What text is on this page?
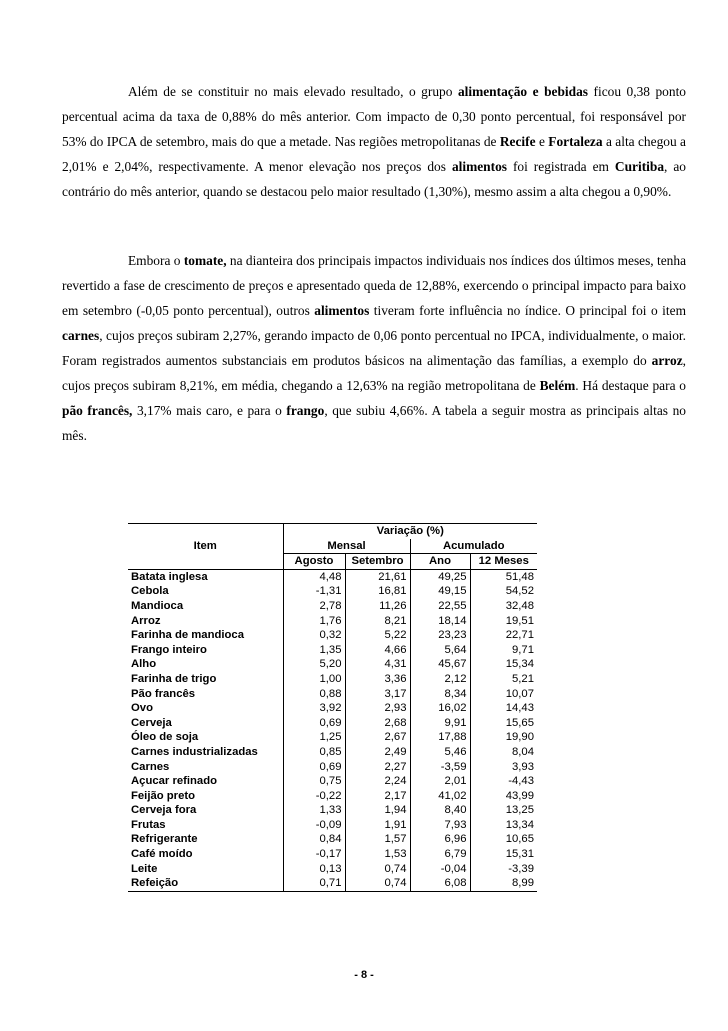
Além de se constituir no mais elevado resultado, o grupo alimentação e bebidas ficou 0,38 ponto percentual acima da taxa de 0,88% do mês anterior. Com impacto de 0,30 ponto percentual, foi responsável por 53% do IPCA de setembro, mais do que a metade. Nas regiões metropolitanas de Recife e Fortaleza a alta chegou a 2,01% e 2,04%, respectivamente. A menor elevação nos preços dos alimentos foi registrada em Curitiba, ao contrário do mês anterior, quando se destacou pelo maior resultado (1,30%), mesmo assim a alta chegou a 0,90%.

Embora o tomate, na dianteira dos principais impactos individuais nos índices dos últimos meses, tenha revertido a fase de crescimento de preços e apresentado queda de 12,88%, exercendo o principal impacto para baixo em setembro (-0,05 ponto percentual), outros alimentos tiveram forte influência no índice. O principal foi o item carnes, cujos preços subiram 2,27%, gerando impacto de 0,06 ponto percentual no IPCA, individualmente, o maior. Foram registrados aumentos substanciais em produtos básicos na alimentação das famílias, a exemplo do arroz, cujos preços subiram 8,21%, em média, chegando a 12,63% na região metropolitana de Belém. Há destaque para o pão francês, 3,17% mais caro, e para o frango, que subiu 4,66%. A tabela a seguir mostra as principais altas no mês.

	Variação (%)			
Item	Mensal		Acumulado	
	Agosto	Setembro	Ano	12 Meses
Batata inglesa	4,48	21,61	49,25	51,48
Cebola	-1,31	16,81	49,15	54,52
Mandioca	2,78	11,26	22,55	32,48
Arroz	1,76	8,21	18,14	19,51
Farinha de mandioca	0,32	5,22	23,23	22,71
Frango inteiro	1,35	4,66	5,64	9,71
Alho	5,20	4,31	45,67	15,34
Farinha de trigo	1,00	3,36	2,12	5,21
Pão francês	0,88	3,17	8,34	10,07
Ovo	3,92	2,93	16,02	14,43
Cerveja	0,69	2,68	9,91	15,65
Óleo de soja	1,25	2,67	17,88	19,90
Carnes industrializadas	0,85	2,49	5,46	8,04
Carnes	0,69	2,27	-3,59	3,93
Açucar refinado	0,75	2,24	2,01	-4,43
Feijão preto	-0,22	2,17	41,02	43,99
Cerveja fora	1,33	1,94	8,40	13,25
Frutas	-0,09	1,91	7,93	13,34
Refrigerante	0,84	1,57	6,96	10,65
Café moído	-0,17	1,53	6,79	15,31
Leite	0,13	0,74	-0,04	-3,39
Refeição	0,71	0,74	6,08	8,99
- 8 -
